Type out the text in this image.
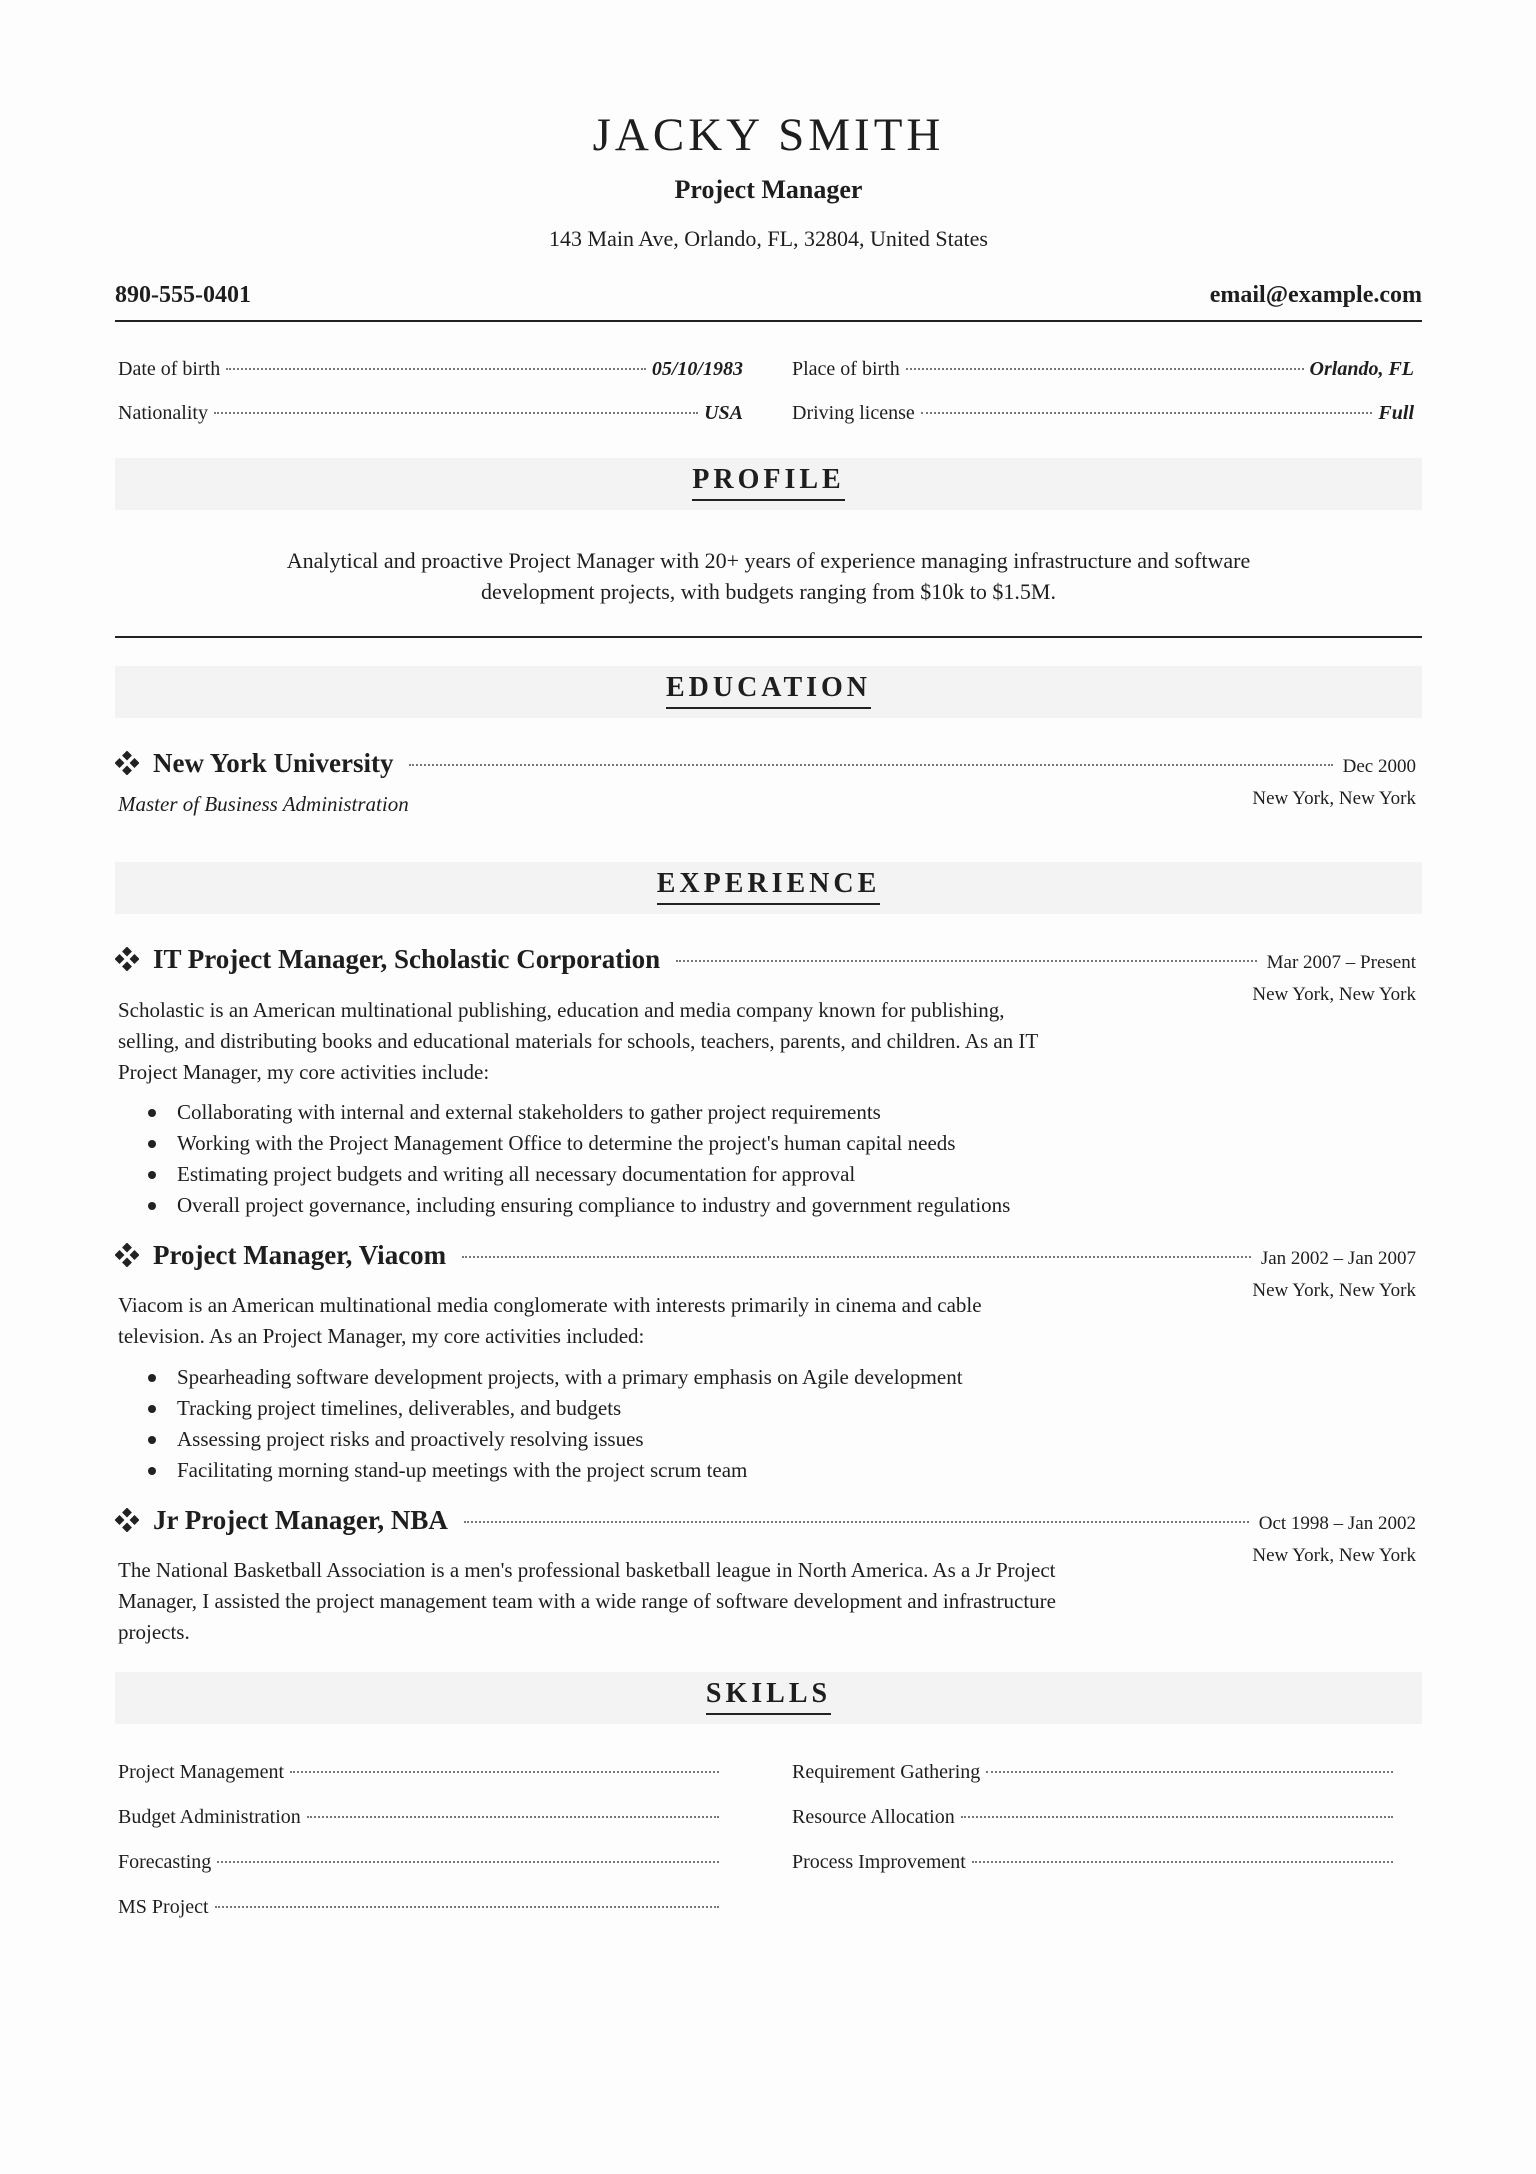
JACKY SMITH
Project Manager
143 Main Ave, Orlando, FL, 32804, United States
890-555-0401	email@example.com
Date of birth	05/10/1983
Nationality	USA
Place of birth	Orlando, FL
Driving license	Full
PROFILE
Analytical and proactive Project Manager with 20+ years of experience managing infrastructure and software
development projects, with budgets ranging from $10k to $1.5M.
EDUCATION
New York University	Dec 2000
Master of Business Administration	New York, New York
EXPERIENCE
IT Project Manager, Scholastic Corporation	Mar 2007 – Present
New York, New York
Scholastic is an American multinational publishing, education and media company known for publishing,
selling, and distributing books and educational materials for schools, teachers, parents, and children. As an IT
Project Manager, my core activities include:
Collaborating with internal and external stakeholders to gather project requirements
Working with the Project Management Office to determine the project's human capital needs
Estimating project budgets and writing all necessary documentation for approval
Overall project governance, including ensuring compliance to industry and government regulations
Project Manager, Viacom	Jan 2002 – Jan 2007
New York, New York
Viacom is an American multinational media conglomerate with interests primarily in cinema and cable
television. As an Project Manager, my core activities included:
Spearheading software development projects, with a primary emphasis on Agile development
Tracking project timelines, deliverables, and budgets
Assessing project risks and proactively resolving issues
Facilitating morning stand-up meetings with the project scrum team
Jr Project Manager, NBA	Oct 1998 – Jan 2002
New York, New York
The National Basketball Association is a men's professional basketball league in North America. As a Jr Project
Manager, I assisted the project management team with a wide range of software development and infrastructure
projects.
SKILLS
Project Management	Requirement Gathering
Budget Administration	Resource Allocation
Forecasting	Process Improvement
MS Project
